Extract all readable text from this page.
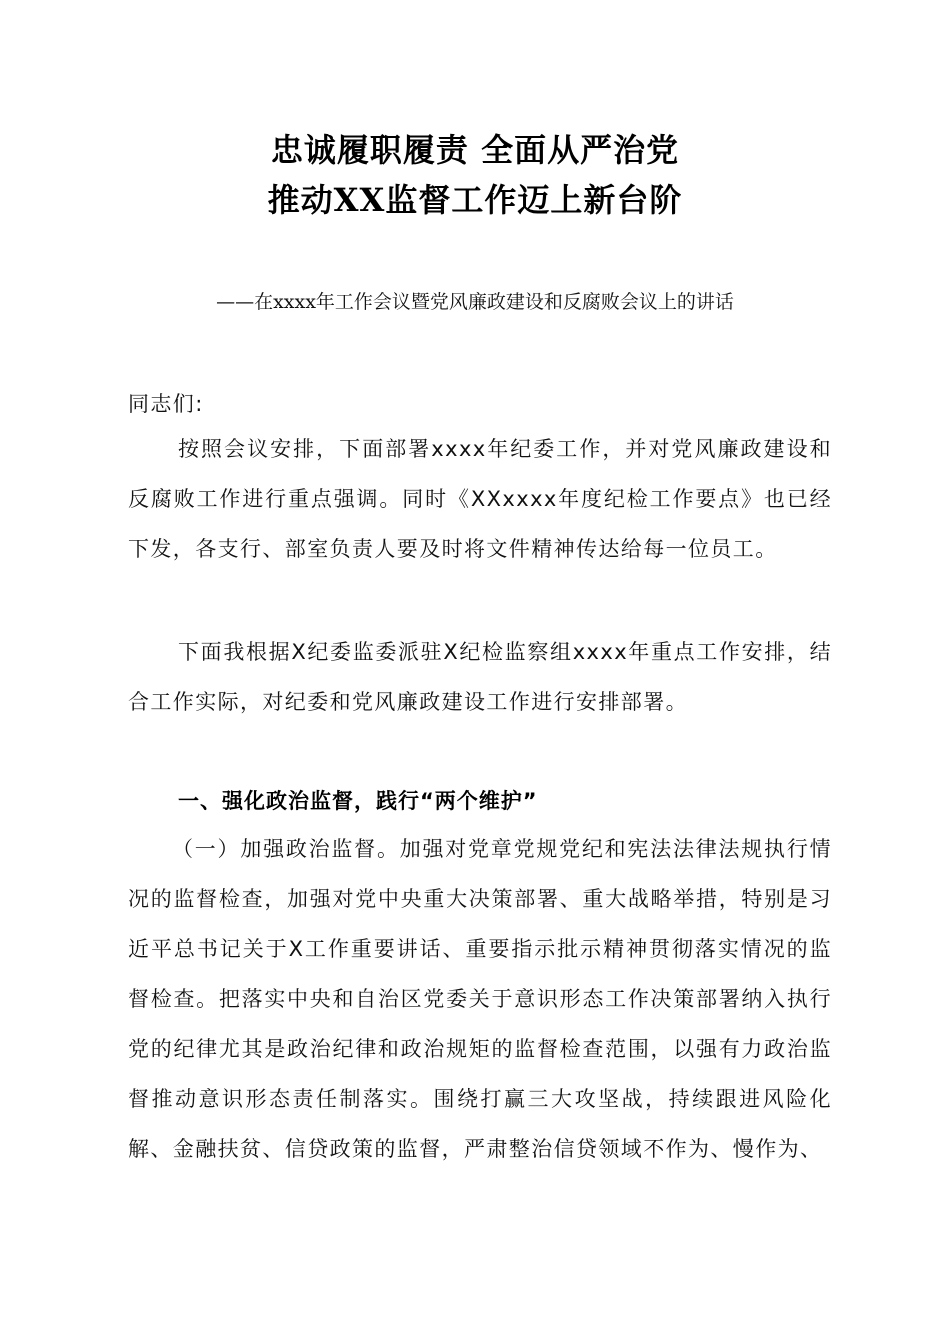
忠诚履职履责 全面从严治党
推动XX监督工作迈上新台阶
——在xxxx年工作会议暨党风廉政建设和反腐败会议上的讲话
同志们:
按照会议安排，下面部署xxxx年纪委工作，并对党风廉政建设和反腐败工作进行重点强调。同时《XXxxxx年度纪检工作要点》也已经下发，各支行、部室负责人要及时将文件精神传达给每一位员工。
下面我根据X纪委监委派驻X纪检监察组xxxx年重点工作安排，结合工作实际，对纪委和党风廉政建设工作进行安排部署。
一、强化政治监督，践行“两个维护”
（一）加强政治监督。加强对党章党规党纪和宪法法律法规执行情况的监督检查，加强对党中央重大决策部署、重大战略举措，特别是习近平总书记关于X工作重要讲话、重要指示批示精神贯彻落实情况的监督检查。把落实中央和自治区党委关于意识形态工作决策部署纳入执行党的纪律尤其是政治纪律和政治规矩的监督检查范围，以强有力政治监督推动意识形态责任制落实。围绕打赢三大攻坚战，持续跟进风险化解、金融扶贫、信贷政策的监督，严肃整治信贷领域不作为、慢作为、
